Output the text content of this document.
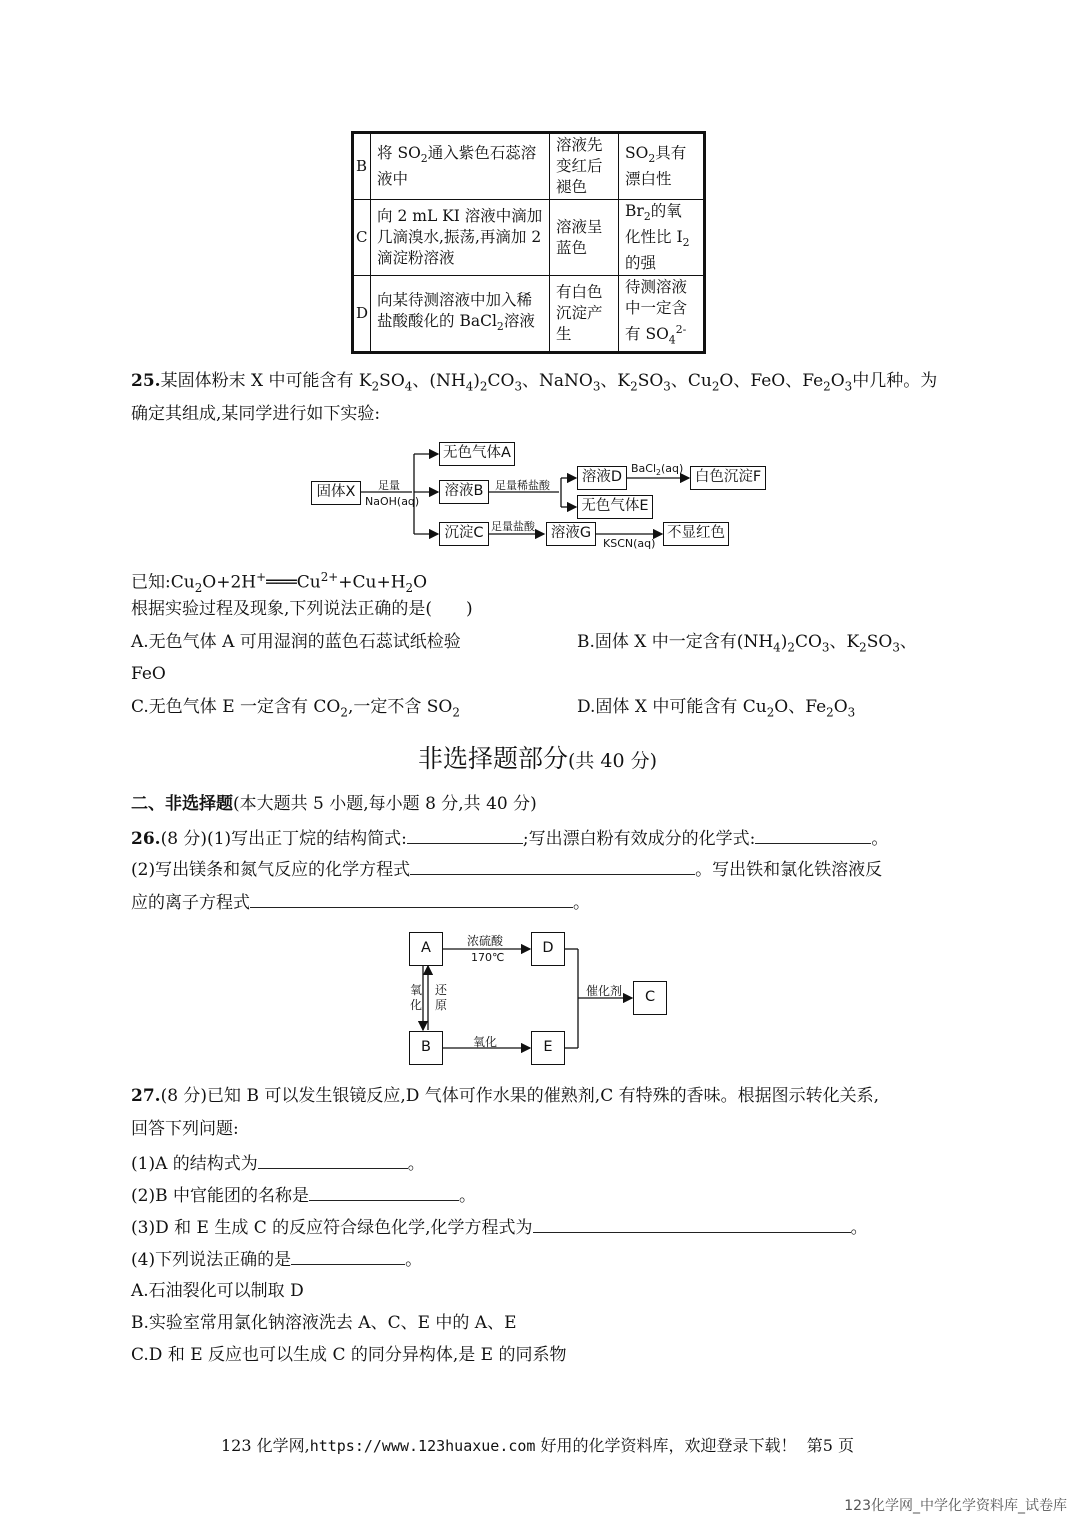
B	将 $SO_2$通入紫色石蕊溶液中	溶液先变红后褪色	$SO_2$具有漂白性
C	向 2 mL KI 溶液中滴加几滴溴水,振荡,再滴加 2 滴淀粉溶液	溶液呈蓝色	$Br_2$的氧化性比 $I_2$的强
D	向某待测溶液中加入稀盐酸酸化的 BaCl$_2$溶液	有白色沉淀产生	待测溶液中一定含有 $SO_4^{2-}$
25.某固体粉末 X 中可能含有 $K_2SO_4$、$(NH_4)_2CO_3$、NaNO$_3$、$K_2SO_3$、$Cu_2O$、FeO、$Fe_2O_3$中几种。为
确定其组成,某同学进行如下实验:
固体X
无色气体A
溶液B
沉淀C
溶液D
无色气体E
白色沉淀F
溶液G	不显红色
足量
NaOH(aq)
足量稀盐酸
BaCl$_2$(aq)
足量盐酸
KSCN(aq)
已知$:Cu_2O+2H^+═══Cu^{2+}+Cu+H_2O$
根据实验过程及现象,下列说法正确的是(　　)
A.无色气体 A 可用湿润的蓝色石蕊试纸检验	B.固体 X 中一定含有$(NH_4)_2CO_3$、$K_2SO_3$、
FeO
C.无色气体 E 一定含有 $CO_2$,一定不含 $SO_2$	D.固体 X 中可能含有 $Cu_2O$、$Fe_2O_3$
非选择题部分(共 40 分)
二、非选择题(本大题共 5 小题,每小题 8 分,共 40 分)
26.(8 分)(1)写出正丁烷的结构简式:	;写出漂白粉有效成分的化学式:	。
(2)写出镁条和氮气反应的化学方程式	。写出铁和氯化铁溶液反
应的离子方程式	。
A	D
B	E
C
浓硫酸
170℃
氧化
氧
化
还
原
催化剂
27.(8 分)已知 B 可以发生银镜反应,D 气体可作水果的催熟剂,C 有特殊的香味。根据图示转化关系,
回答下列问题:
(1)A 的结构式为	。
(2)B 中官能团的名称是	。
(3)D 和 E 生成 C 的反应符合绿色化学,化学方程式为	。
(4)下列说法正确的是	。
A.石油裂化可以制取 D
B.实验室常用氯化钠溶液洗去 A、C、E 中的 A、E
C.D 和 E 反应也可以生成 C 的同分异构体,是 E 的同系物
123 化学网,https://www.123huaxue.com 好用的化学资料库，欢迎登录下载！ 第5 页
123化学网_中学化学资料库_试卷库
